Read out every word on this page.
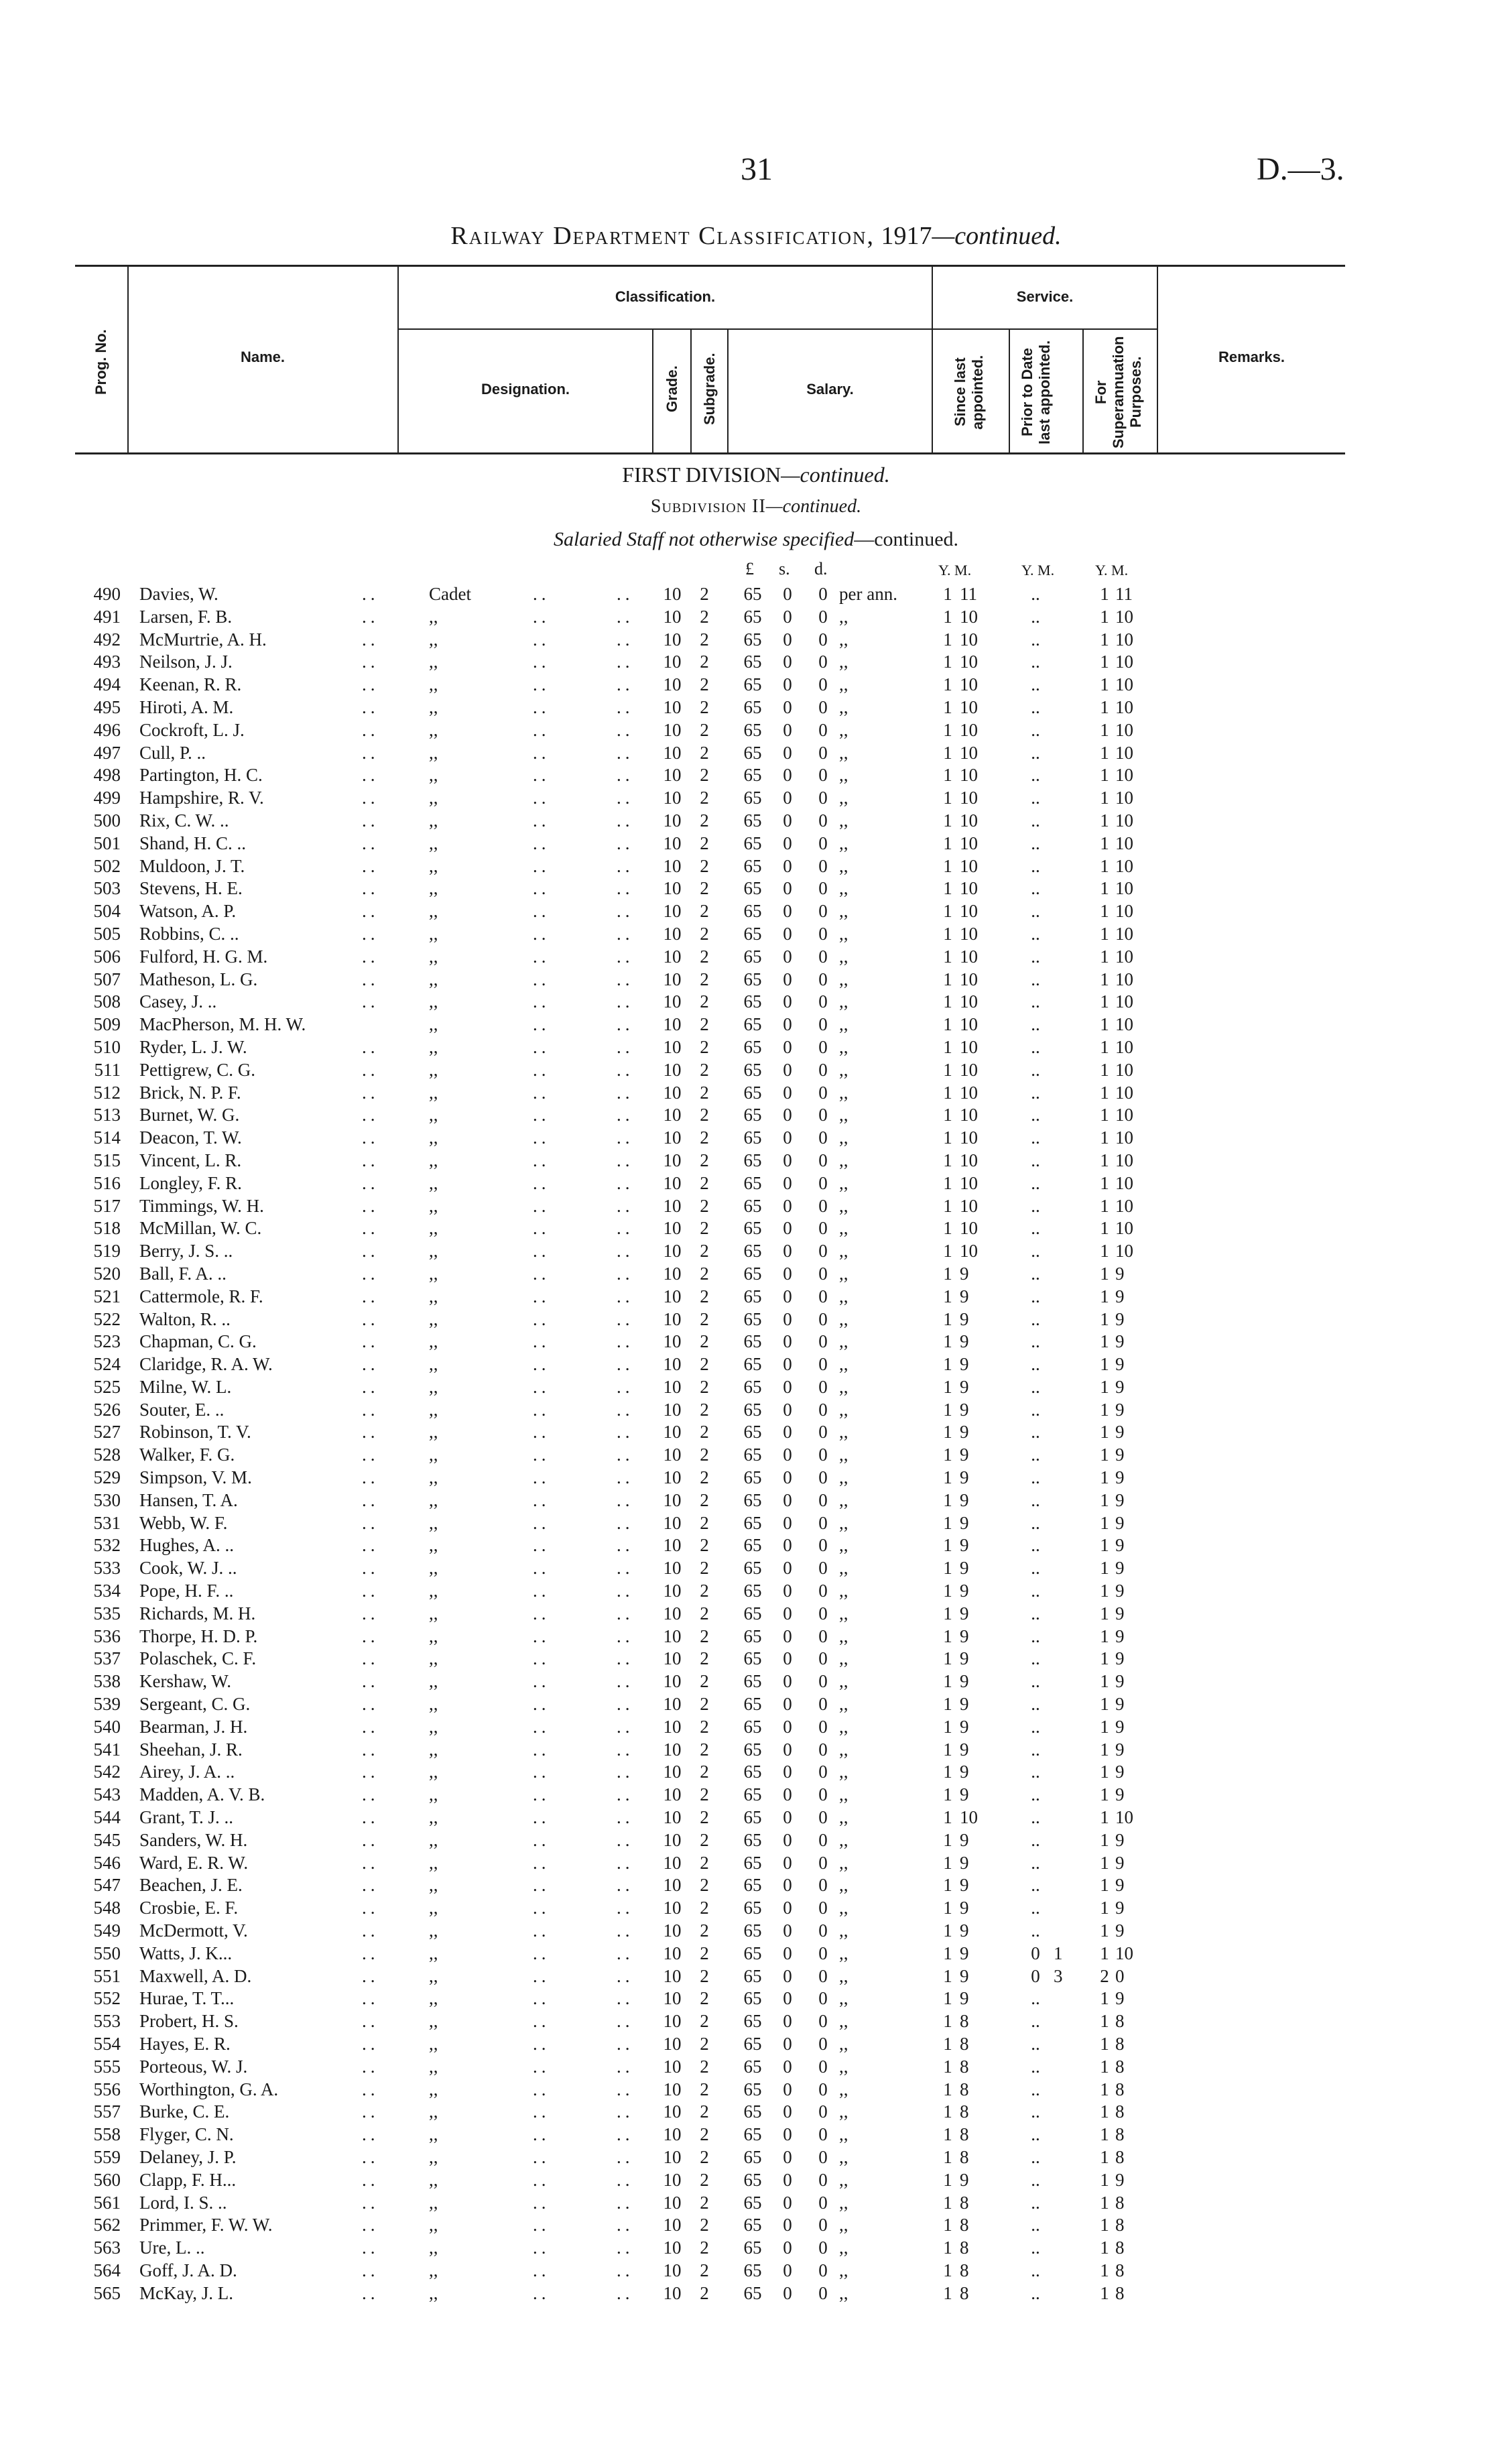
31	D.—3.
Railway Department Classification, 1917—continued.
Prog. No.	Name.
Classification.	Service.
Designation.	Grade. Subgrade.	Salary.	Since last appointed. Prior to Date last appointed.	For Superannuation Purposes.	Remarks.
FIRST DIVISION—continued.
Subdivision II—continued.
Salaried Staff not otherwise specified—continued.
£ s. d.	Y. M.	Y. M.	Y. M.
490 Davies, W.	..	Cadet	..	.. 10	2	65	0	0 per ann.	1 11	..	1 11
491 Larsen, F. B.	..	,,	..	.. 10	2	65	0	0 ,,	1 10	..	1 10
492 McMurtrie, A. H.	..	,,	..	.. 10	2	65	0	0 ,,	1 10	..	1 10
493 Neilson, J. J.	..	,,	..	.. 10	2	65	0	0 ,,	1 10	..	1 10
494 Keenan, R. R.	..	,,	..	.. 10	2	65	0	0 ,,	1 10	..	1 10
495 Hiroti, A. M.	..	,,	..	.. 10	2	65	0	0 ,,	1 10	..	1 10
496 Cockroft, L. J.	..	,,	..	.. 10	2	65	0	0 ,,	1 10	..	1 10
497 Cull, P. ..	..	,,	..	.. 10	2	65	0	0 ,,	1 10	..	1 10
498 Partington, H. C.	..	,,	..	.. 10	2	65	0	0 ,,	1 10	..	1 10
499 Hampshire, R. V.	..	,,	..	.. 10	2	65	0	0 ,,	1 10	..	1 10
500 Rix, C. W. ..	..	,,	..	.. 10	2	65	0	0 ,,	1 10	..	1 10
501 Shand, H. C. ..	..	,,	..	.. 10	2	65	0	0 ,,	1 10	..	1 10
502 Muldoon, J. T.	..	,,	..	.. 10	2	65	0	0 ,,	1 10	..	1 10
503 Stevens, H. E.	..	,,	..	.. 10	2	65	0	0 ,,	1 10	..	1 10
504 Watson, A. P.	..	,,	..	.. 10	2	65	0	0 ,,	1 10	..	1 10
505 Robbins, C. ..	..	,,	..	.. 10	2	65	0	0 ,,	1 10	..	1 10
506 Fulford, H. G. M.	..	,,	..	.. 10	2	65	0	0 ,,	1 10	..	1 10
507 Matheson, L. G.	..	,,	..	.. 10	2	65	0	0 ,,	1 10	..	1 10
508 Casey, J. ..	..	,,	..	.. 10	2	65	0	0 ,,	1 10	..	1 10
509 MacPherson, M. H. W.	,,	..	.. 10	2	65	0	0 ,,	1 10	..	1 10
510 Ryder, L. J. W.	..	,,	..	.. 10	2	65	0	0 ,,	1 10	..	1 10
511 Pettigrew, C. G.	..	,,	..	.. 10	2	65	0	0 ,,	1 10	..	1 10
512 Brick, N. P. F.	..	,,	..	.. 10	2	65	0	0 ,,	1 10	..	1 10
513 Burnet, W. G.	..	,,	..	.. 10	2	65	0	0 ,,	1 10	..	1 10
514 Deacon, T. W.	..	,,	..	.. 10	2	65	0	0 ,,	1 10	..	1 10
515 Vincent, L. R.	..	,,	..	.. 10	2	65	0	0 ,,	1 10	..	1 10
516 Longley, F. R.	..	,,	..	.. 10	2	65	0	0 ,,	1 10	..	1 10
517 Timmings, W. H.	..	,,	..	.. 10	2	65	0	0 ,,	1 10	..	1 10
518 McMillan, W. C.	..	,,	..	.. 10	2	65	0	0 ,,	1 10	..	1 10
519 Berry, J. S. ..	..	,,	..	.. 10	2	65	0	0 ,,	1 10	..	1 10
520 Ball, F. A. ..	..	,,	..	.. 10	2	65	0	0 ,,	1 9	..	1 9
521 Cattermole, R. F.	..	,,	..	.. 10	2	65	0	0 ,,	1 9	..	1 9
522 Walton, R. ..	..	,,	..	.. 10	2	65	0	0 ,,	1 9	..	1 9
523 Chapman, C. G.	..	,,	..	.. 10	2	65	0	0 ,,	1 9	..	1 9
524 Claridge, R. A. W.	..	,,	..	.. 10	2	65	0	0 ,,	1 9	..	1 9
525 Milne, W. L.	..	,,	..	.. 10	2	65	0	0 ,,	1 9	..	1 9
526 Souter, E. ..	..	,,	..	.. 10	2	65	0	0 ,,	1 9	..	1 9
527 Robinson, T. V.	..	,,	..	.. 10	2	65	0	0 ,,	1 9	..	1 9
528 Walker, F. G.	..	,,	..	.. 10	2	65	0	0 ,,	1 9	..	1 9
529 Simpson, V. M.	..	,,	..	.. 10	2	65	0	0 ,,	1 9	..	1 9
530 Hansen, T. A.	..	,,	..	.. 10	2	65	0	0 ,,	1 9	..	1 9
531 Webb, W. F.	..	,,	..	.. 10	2	65	0	0 ,,	1 9	..	1 9
532 Hughes, A. ..	..	,,	..	.. 10	2	65	0	0 ,,	1 9	..	1 9
533 Cook, W. J. ..	..	,,	..	.. 10	2	65	0	0 ,,	1 9	..	1 9
534 Pope, H. F. ..	..	,,	..	.. 10	2	65	0	0 ,,	1 9	..	1 9
535 Richards, M. H.	..	,,	..	.. 10	2	65	0	0 ,,	1 9	..	1 9
536 Thorpe, H. D. P.	..	,,	..	.. 10	2	65	0	0 ,,	1 9	..	1 9
537 Polaschek, C. F.	..	,,	..	.. 10	2	65	0	0 ,,	1 9	..	1 9
538 Kershaw, W.	..	,,	..	.. 10	2	65	0	0 ,,	1 9	..	1 9
539 Sergeant, C. G.	..	,,	..	.. 10	2	65	0	0 ,,	1 9	..	1 9
540 Bearman, J. H.	..	,,	..	.. 10	2	65	0	0 ,,	1 9	..	1 9
541 Sheehan, J. R.	..	,,	..	.. 10	2	65	0	0 ,,	1 9	..	1 9
542 Airey, J. A. ..	..	,,	..	.. 10	2	65	0	0 ,,	1 9	..	1 9
543 Madden, A. V. B.	..	,,	..	.. 10	2	65	0	0 ,,	1 9	..	1 9
544 Grant, T. J. ..	..	,,	..	.. 10	2	65	0	0 ,,	1 10	..	1 10
545 Sanders, W. H.	..	,,	..	.. 10	2	65	0	0 ,,	1 9	..	1 9
546 Ward, E. R. W.	..	,,	..	.. 10	2	65	0	0 ,,	1 9	..	1 9
547 Beachen, J. E.	..	,,	..	.. 10	2	65	0	0 ,,	1 9	..	1 9
548 Crosbie, E. F.	..	,,	..	.. 10	2	65	0	0 ,,	1 9	..	1 9
549 McDermott, V.	..	,,	..	.. 10	2	65	0	0 ,,	1 9	..	1 9
550 Watts, J. K...	..	,,	..	.. 10	2	65	0	0 ,,	1 9	0 1	1 10
551 Maxwell, A. D.	..	,,	..	.. 10	2	65	0	0 ,,	1 9	0 3	2 0
552 Hurae, T. T...	..	,,	..	.. 10	2	65	0	0 ,,	1 9	..	1 9
553 Probert, H. S.	..	,,	..	.. 10	2	65	0	0 ,,	1 8	..	1 8
554 Hayes, E. R.	..	,,	..	.. 10	2	65	0	0 ,,	1 8	..	1 8
555 Porteous, W. J.	..	,,	..	.. 10	2	65	0	0 ,,	1 8	..	1 8
556 Worthington, G. A.	..	,,	..	.. 10	2	65	0	0 ,,	1 8	..	1 8
557 Burke, C. E.	..	,,	..	.. 10	2	65	0	0 ,,	1 8	..	1 8
558 Flyger, C. N.	..	,,	..	.. 10	2	65	0	0 ,,	1 8	..	1 8
559 Delaney, J. P.	..	,,	..	.. 10	2	65	0	0 ,,	1 8	..	1 8
560 Clapp, F. H...	..	,,	..	.. 10	2	65	0	0 ,,	1 9	..	1 9
561 Lord, I. S. ..	..	,,	..	.. 10	2	65	0	0 ,,	1 8	..	1 8
562 Primmer, F. W. W.	..	,,	..	.. 10	2	65	0	0 ,,	1 8	..	1 8
563 Ure, L. ..	..	,,	..	.. 10	2	65	0	0 ,,	1 8	..	1 8
564 Goff, J. A. D.	..	,,	..	.. 10	2	65	0	0 ,,	1 8	..	1 8
565 McKay, J. L.	..	,,	..	.. 10	2	65	0	0 ,,	1 8	..	1 8
